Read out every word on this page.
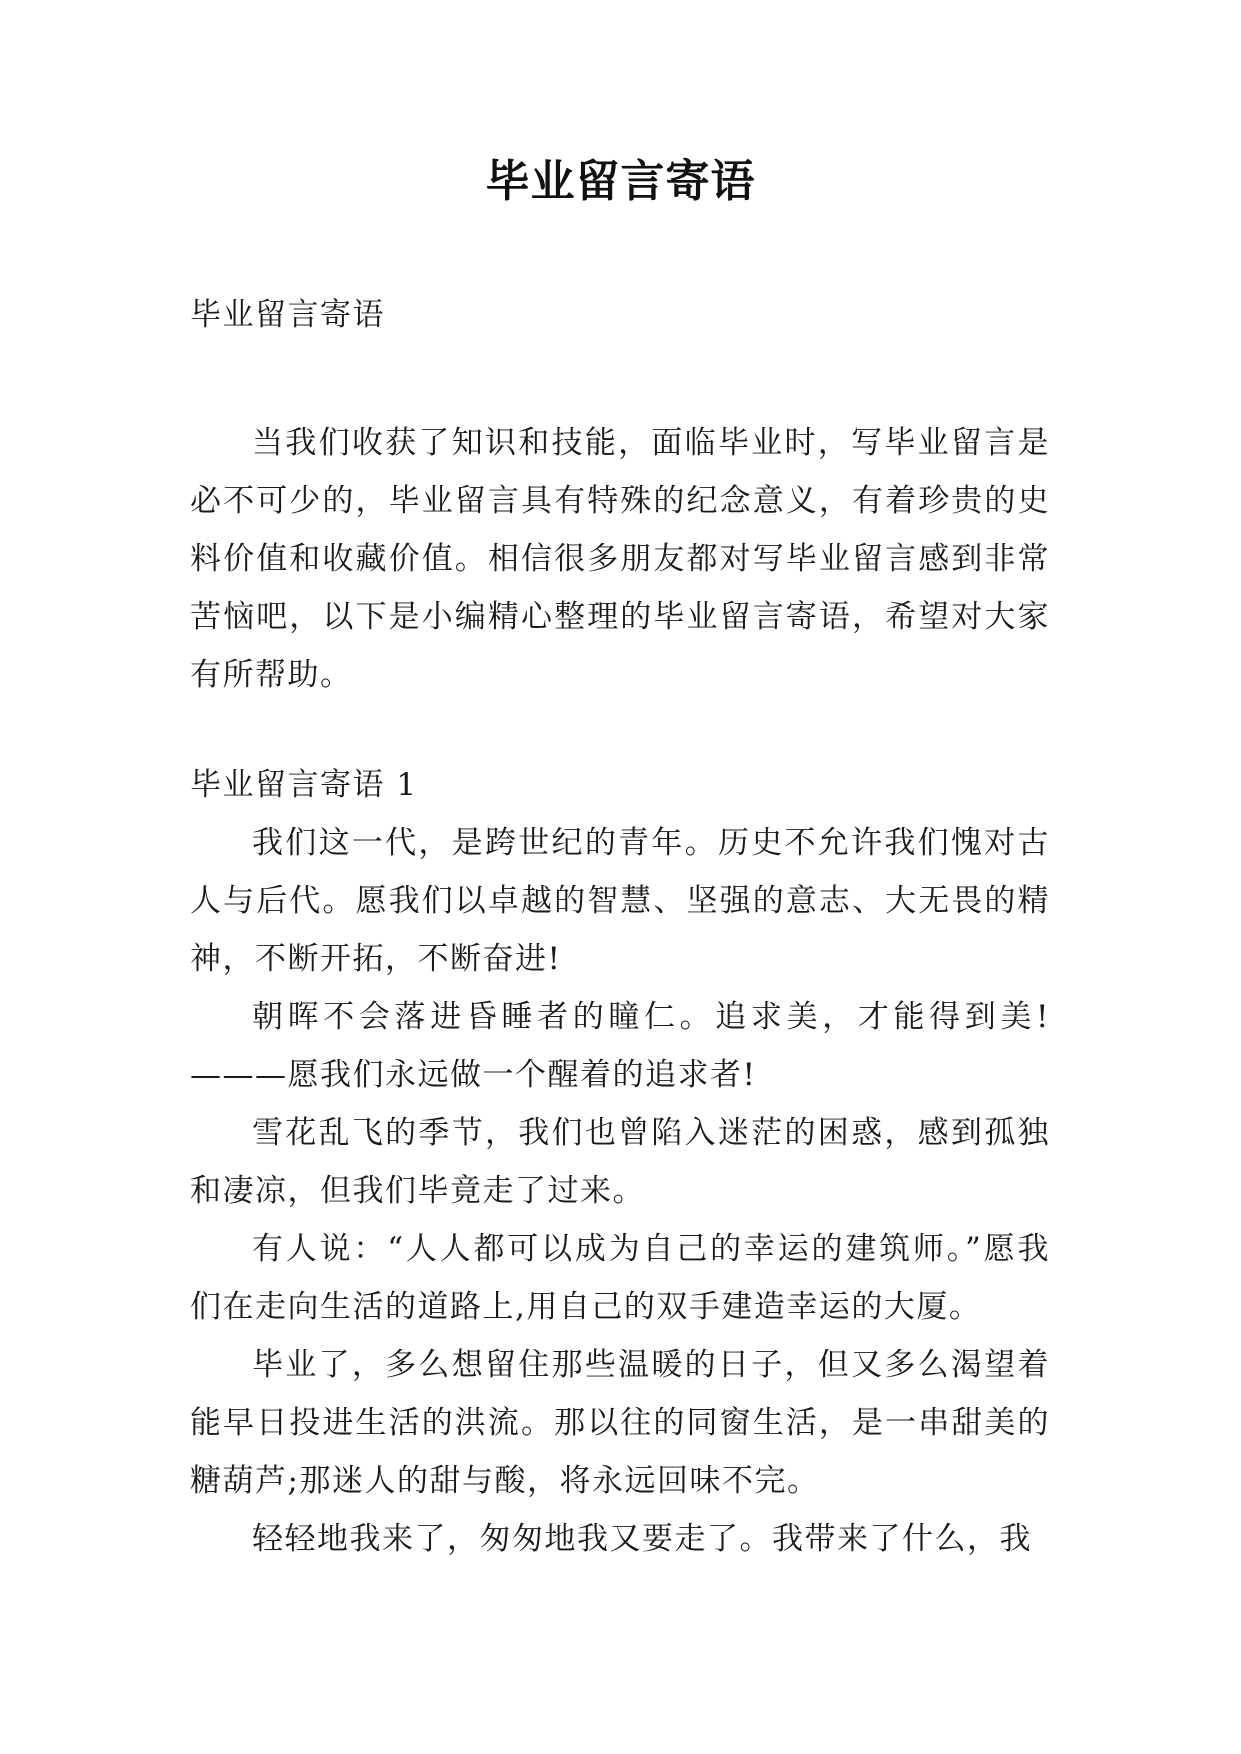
毕业留言寄语
毕业留言寄语

当我们收获了知识和技能，面临毕业时，写毕业留言是必不可少的，毕业留言具有特殊的纪念意义，有着珍贵的史料价值和收藏价值。相信很多朋友都对写毕业留言感到非常苦恼吧，以下是小编精心整理的毕业留言寄语，希望对大家有所帮助。

毕业留言寄语 1

我们这一代，是跨世纪的青年。历史不允许我们愧对古人与后代。愿我们以卓越的智慧、坚强的意志、大无畏的精神，不断开拓，不断奋进!

朝晖不会落进昏睡者的瞳仁。追求美，才能得到美!———愿我们永远做一个醒着的追求者!

雪花乱飞的季节，我们也曾陷入迷茫的困惑，感到孤独和凄凉，但我们毕竟走了过来。

有人说：“人人都可以成为自己的幸运的建筑师。”愿我们在走向生活的道路上,用自己的双手建造幸运的大厦。

毕业了，多么想留住那些温暖的日子，但又多么渴望着能早日投进生活的洪流。那以往的同窗生活，是一串甜美的糖葫芦;那迷人的甜与酸，将永远回味不完。

轻轻地我来了，匆匆地我又要走了。我带来了什么，我
